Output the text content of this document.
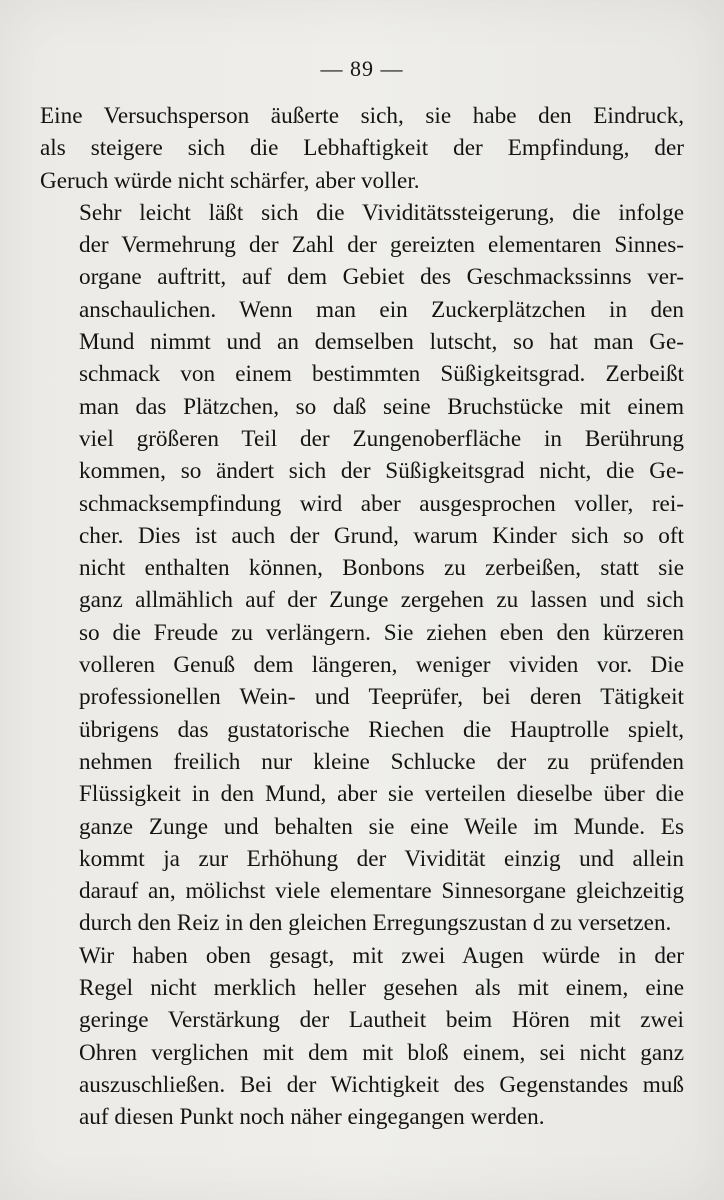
— 89 —

Eine Versuchsperson äußerte sich, sie habe den Eindruck,
als steigere sich die Lebhaftigkeit der Empfindung, der
Geruch würde nicht schärfer, aber voller.

Sehr leicht läßt sich die Vividitätssteigerung, die infolge
der Vermehrung der Zahl der gereizten elementaren Sinnes-
organe auftritt, auf dem Gebiet des Geschmackssinns ver-
anschaulichen. Wenn man ein Zuckerplätzchen in den
Mund nimmt und an demselben lutscht, so hat man Ge-
schmack von einem bestimmten Süßigkeitsgrad. Zerbeißt
man das Plätzchen, so daß seine Bruchstücke mit einem
viel größeren Teil der Zungenoberfläche in Berührung
kommen, so ändert sich der Süßigkeitsgrad nicht, die Ge-
schmacksempfindung wird aber ausgesprochen voller, rei-
cher. Dies ist auch der Grund, warum Kinder sich so oft
nicht enthalten können, Bonbons zu zerbeißen, statt sie
ganz allmählich auf der Zunge zergehen zu lassen und sich
so die Freude zu verlängern. Sie ziehen eben den kürzeren
volleren Genuß dem längeren, weniger vividen vor. Die
professionellen Wein- und Teeprüfer, bei deren Tätigkeit
übrigens das gustatorische Riechen die Hauptrolle spielt,
nehmen freilich nur kleine Schlucke der zu prüfenden
Flüssigkeit in den Mund, aber sie verteilen dieselbe über die
ganze Zunge und behalten sie eine Weile im Munde. Es
kommt ja zur Erhöhung der Vividität einzig und allein
darauf an, mölichst viele elementare Sinnesorgane gleichzeitig
durch den Reiz in den gleichen Erregungszustan d zu versetzen.

Wir haben oben gesagt, mit zwei Augen würde in der
Regel nicht merklich heller gesehen als mit einem, eine
geringe Verstärkung der Lautheit beim Hören mit zwei
Ohren verglichen mit dem mit bloß einem, sei nicht ganz
auszuschließen. Bei der Wichtigkeit des Gegenstandes muß
auf diesen Punkt noch näher eingegangen werden.
